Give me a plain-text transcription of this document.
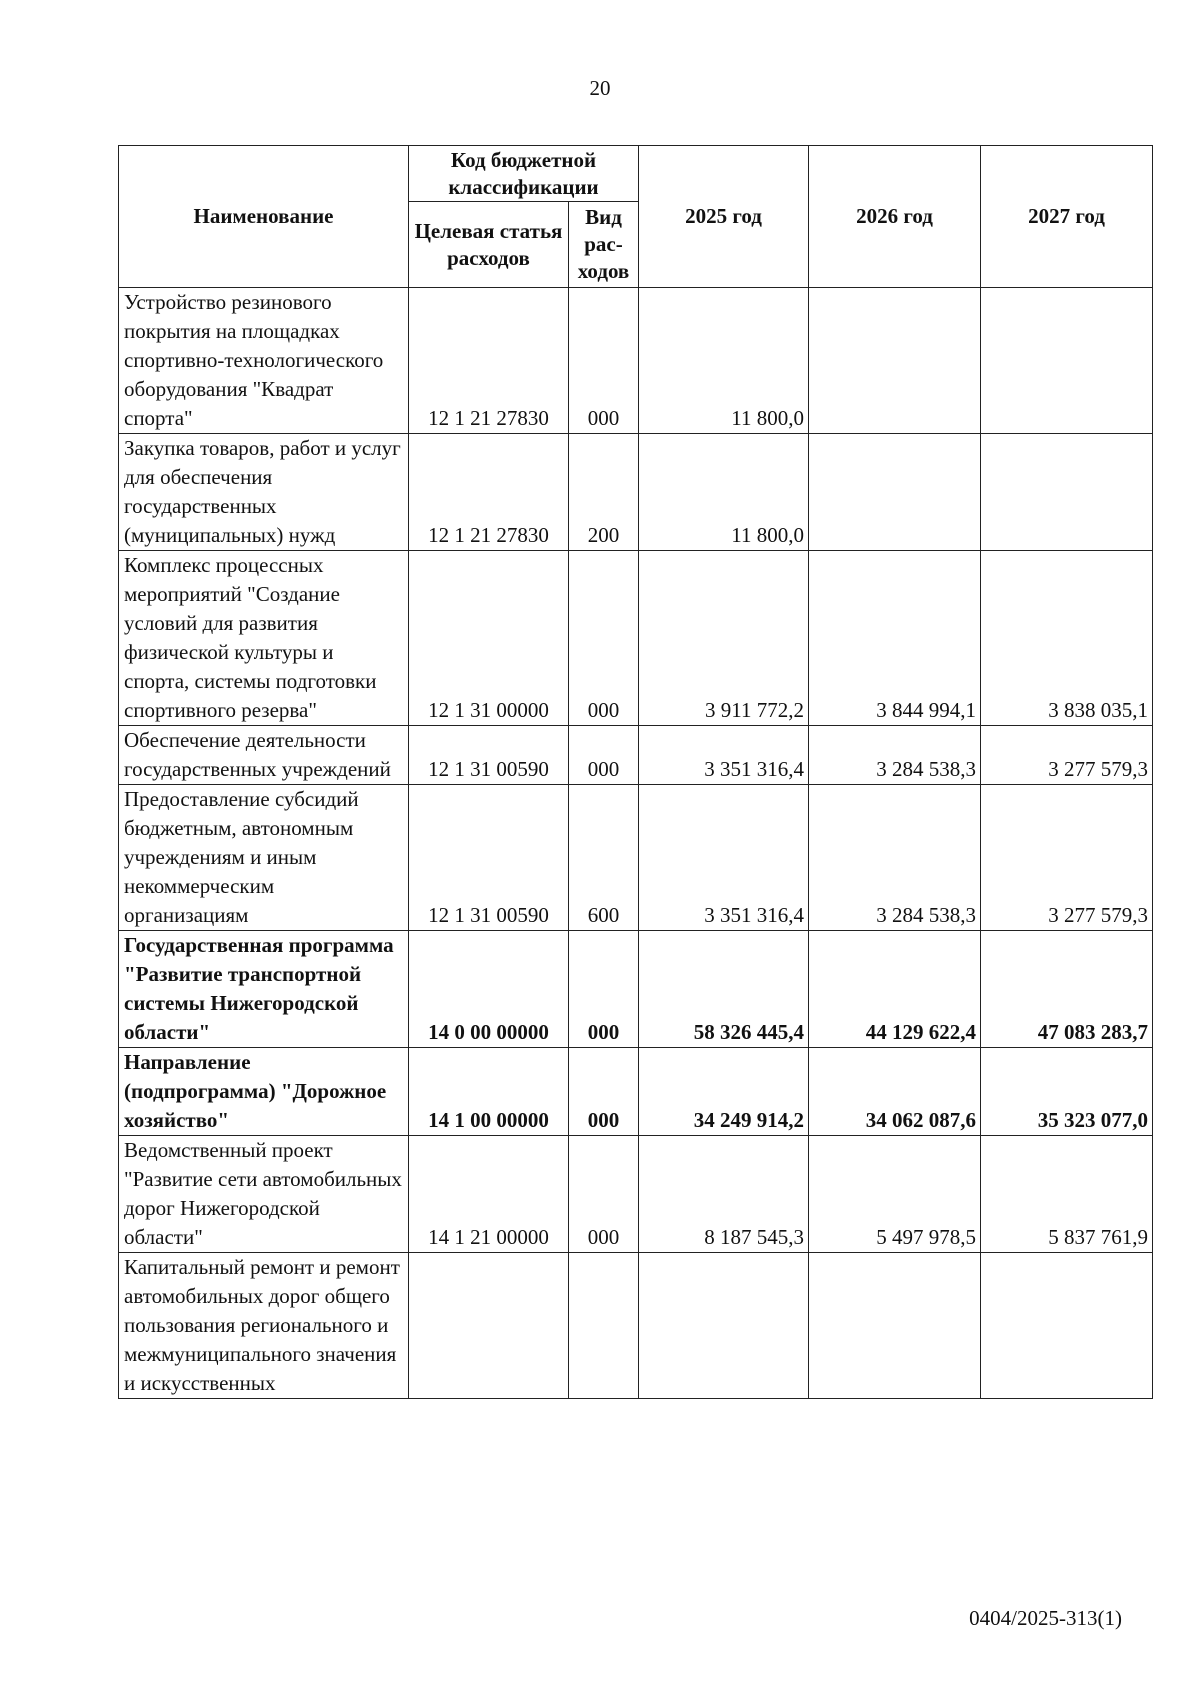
20
Наименование	Код бюджетной классификации		2025 год	2026 год	2027 год
	Целевая статья расходов	Вид рас-ходов			
Устройство резинового покрытия на площадках спортивно-технологического оборудования "Квадрат спорта"	12 1 21 27830	000	11 800,0		
Закупка товаров, работ и услуг для обеспечения государственных (муниципальных) нужд	12 1 21 27830	200	11 800,0		
Комплекс процессных мероприятий "Создание условий для развития физической культуры и спорта, системы подготовки спортивного резерва"	12 1 31 00000	000	3 911 772,2	3 844 994,1	3 838 035,1
Обеспечение деятельности государственных учреждений	12 1 31 00590	000	3 351 316,4	3 284 538,3	3 277 579,3
Предоставление субсидий бюджетным, автономным учреждениям и иным некоммерческим организациям	12 1 31 00590	600	3 351 316,4	3 284 538,3	3 277 579,3
Государственная программа "Развитие транспортной системы Нижегородской области"	14 0 00 00000	000	58 326 445,4	44 129 622,4	47 083 283,7
Направление (подпрограмма) "Дорожное хозяйство"	14 1 00 00000	000	34 249 914,2	34 062 087,6	35 323 077,0
Ведомственный проект "Развитие сети автомобильных дорог Нижегородской области"	14 1 21 00000	000	8 187 545,3	5 497 978,5	5 837 761,9
Капитальный ремонт и ремонт автомобильных дорог общего пользования регионального и межмуниципального значения и искусственных					
0404/2025-313(1)
